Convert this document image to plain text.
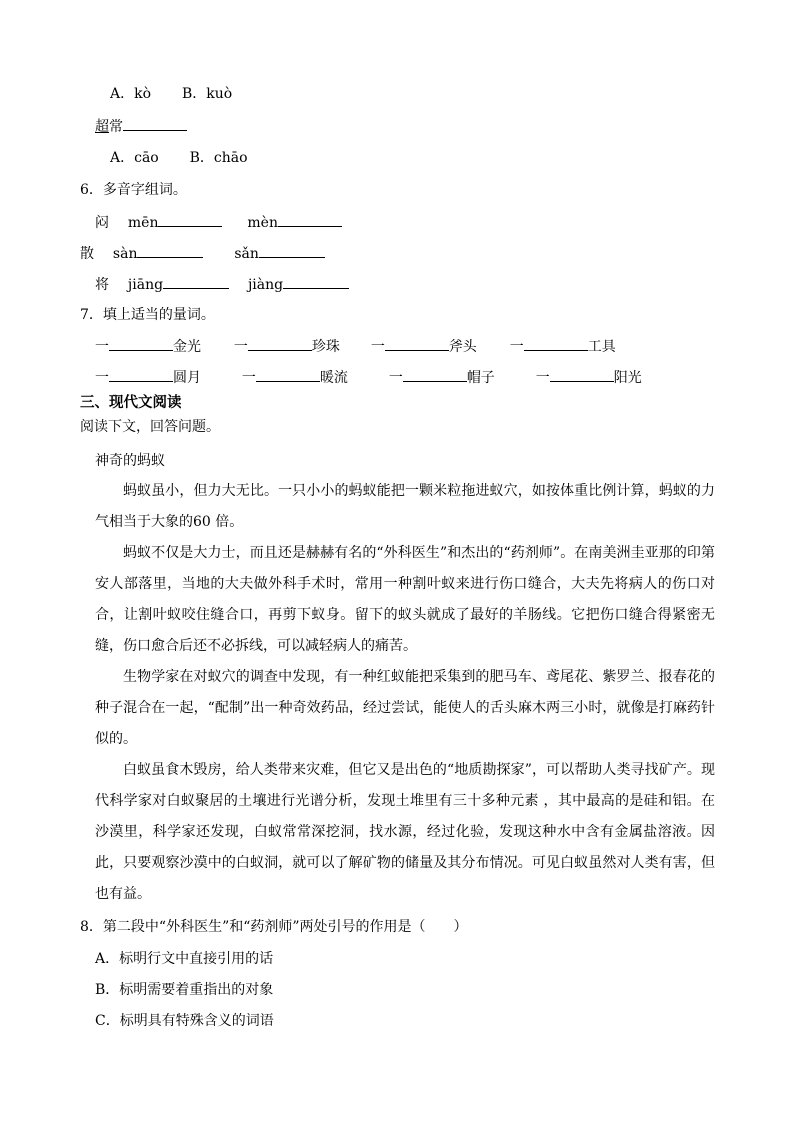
A．kò B．kuò
超常
A．cāo B．chāo
6．多音字组词。
闷 mēn	mèn
散 sàn	sǎn
将 jiāng	jiàng
7．填上适当的量词。
一	金光 一	珍珠 一	斧头 一	工具
一	圆月	一	暖流	一	帽子	一	阳光
三、现代文阅读
阅读下文，回答问题。
神奇的蚂蚁
蚂蚁虽小，但力大无比。一只小小的蚂蚁能把一颗米粒拖进蚁穴，如按体重比例计算，蚂蚁的力气相当于大象的60 倍。
蚂蚁不仅是大力士，而且还是赫赫有名的“外科医生”和杰出的“药剂师”。在南美洲圭亚那的印第安人部落里，当地的大夫做外科手术时，常用一种割叶蚁来进行伤口缝合，大夫先将病人的伤口对合，让割叶蚁咬住缝合口，再剪下蚁身。留下的蚁头就成了最好的羊肠线。它把伤口缝合得紧密无缝，伤口愈合后还不必拆线，可以减轻病人的痛苦。
生物学家在对蚁穴的调查中发现，有一种红蚁能把采集到的肥马车、鸢尾花、紫罗兰、报春花的种子混合在一起，“配制”出一种奇效药品，经过尝试，能使人的舌头麻木两三小时，就像是打麻药针似的。
白蚁虽食木毁房，给人类带来灾难，但它又是出色的“地质勘探家”，可以帮助人类寻找矿产。现代科学家对白蚁聚居的土壤进行光谱分析，发现土堆里有三十多种元素 ，其中最高的是硅和铝。在沙漠里，科学家还发现，白蚁常常深挖洞，找水源，经过化验，发现这种水中含有金属盐溶液。因此，只要观察沙漠中的白蚁洞，就可以了解矿物的储量及其分布情况。可见白蚁虽然对人类有害，但也有益。
8．第二段中“外科医生”和“药剂师”两处引号的作用是（　　）
A．标明行文中直接引用的话
B．标明需要着重指出的对象
C．标明具有特殊含义的词语
